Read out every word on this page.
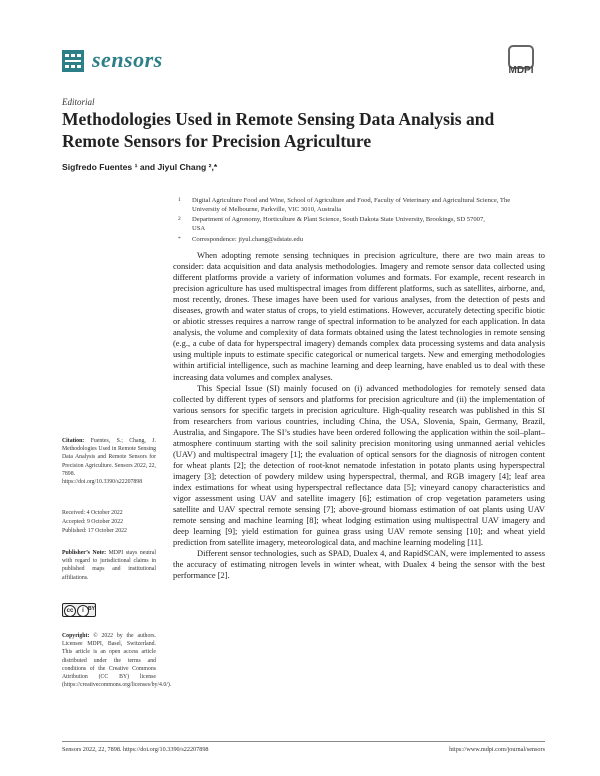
sensors	MDPI
Editorial
Methodologies Used in Remote Sensing Data Analysis and Remote Sensors for Precision Agriculture
Sigfredo Fuentes ¹ and Jiyul Chang ²,*
1 Digital Agriculture Food and Wine, School of Agriculture and Food, Faculty of Veterinary and Agricultural Science, The University of Melbourne, Parkville, VIC 3010, Australia
2 Department of Agronomy, Horticulture & Plant Science, South Dakota State University, Brookings, SD 57007, USA
* Correspondence: jiyul.chang@sdstate.edu

When adopting remote sensing techniques in precision agriculture, there are two main areas to consider: data acquisition and data analysis methodologies. Imagery and remote sensor data collected using different platforms provide a variety of information volumes and formats. For example, recent research in precision agriculture has used multispectral images from different platforms, such as satellites, airborne, and, most recently, drones. These images have been used for various analyses, from the detection of pests and diseases, growth and water status of crops, to yield estimations. However, accurately detecting specific biotic or abiotic stresses requires a narrow range of spectral information to be analyzed for each application. In data analysis, the volume and complexity of data formats obtained using the latest technologies in remote sensing (e.g., a cube of data for hyperspectral imagery) demands complex data processing systems and data analysis using multiple inputs to estimate specific categorical or numerical targets. New and emerging methodologies within artificial intelligence, such as machine learning and deep learning, have enabled us to deal with these increasing data volumes and complex analyses.

This Special Issue (SI) mainly focused on (i) advanced methodologies for remotely sensed data collected by different types of sensors and platforms for precision agriculture and (ii) the implementation of various sensors for specific targets in precision agriculture. High-quality research was published in this SI from researchers from various countries, including China, the USA, Slovenia, Spain, Germany, Brazil, Australia, and Singapore. The SI’s studies have been ordered following the application within the soil–plant–atmosphere continuum starting with the soil salinity precision monitoring using unmanned aerial vehicles (UAV) and multispectral imagery [1]; the evaluation of optical sensors for the diagnosis of nitrogen content for wheat plants [2]; the detection of root-knot nematode infestation in potato plants using hyperspectral imagery [3]; detection of powdery mildew using hyperspectral, thermal, and RGB imagery [4]; leaf area index estimations for wheat using hyperspectral reflectance data [5]; vineyard canopy characteristics and vigor assessment using UAV and satellite imagery [6]; estimation of crop vegetation parameters using satellite and UAV spectral remote sensing [7]; above-ground biomass estimation of oat plants using UAV remote sensing and machine learning [8]; wheat lodging estimation using multispectral UAV imagery and deep learning [9]; yield estimation for guinea grass using UAV remote sensing [10]; and wheat yield prediction from satellite imagery, meteorological data, and machine learning modeling [11].

Different sensor technologies, such as SPAD, Dualex 4, and RapidSCAN, were implemented to assess the accuracy of estimating nitrogen levels in winter wheat, with Dualex 4 being the sensor with the best performance [2].

Citation: Fuentes, S.; Chang, J. Methodologies Used in Remote Sensing Data Analysis and Remote Sensors for Precision Agriculture. Sensors 2022, 22, 7898. https://doi.org/10.3390/s22207898
Received: 4 October 2022
Accepted: 9 October 2022
Published: 17 October 2022
Publisher’s Note: MDPI stays neutral with regard to jurisdictional claims in published maps and institutional affiliations.
Copyright: © 2022 by the authors. Licensee MDPI, Basel, Switzerland. This article is an open access article distributed under the terms and conditions of the Creative Commons Attribution (CC BY) license (https://creativecommons.org/licenses/by/4.0/).
cc	i BY
Sensors 2022, 22, 7898. https://doi.org/10.3390/s22207898	https://www.mdpi.com/journal/sensors
